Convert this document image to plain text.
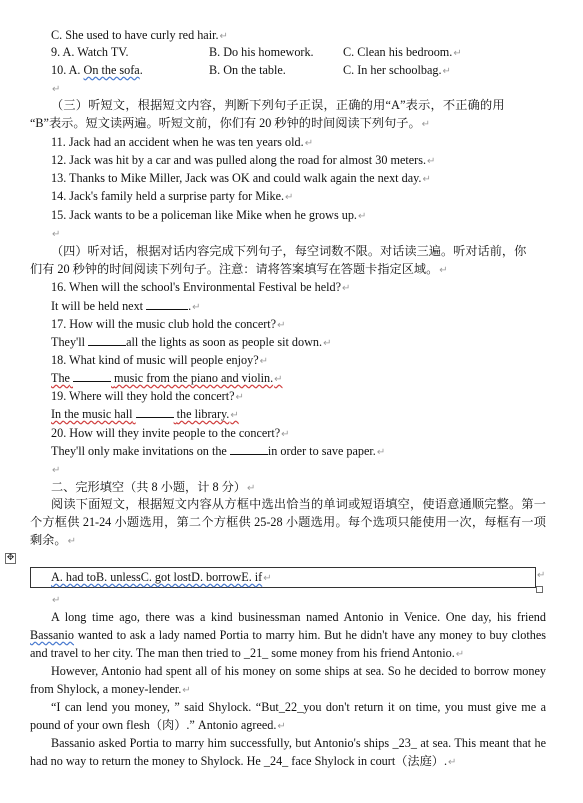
C. She used to have curly red hair.↵
9. A. Watch TV.	B. Do his homework. C. Clean his bedroom.↵
10. A. On the sofa.	B. On the table.	C. In her schoolbag.↵
↵
（三）听短文，根据短文内容，判断下列句子正误，正确的用“A”表示，不正确的用
“B”表示。短文读两遍。听短文前，你们有 20 秒钟的时间阅读下列句子。↵
11. Jack had an accident when he was ten years old.↵
12. Jack was hit by a car and was pulled along the road for almost 30 meters.↵
13. Thanks to Mike Miller, Jack was OK and could walk again the next day.↵
14. Jack's family held a surprise party for Mike.↵
15. Jack wants to be a policeman like Mike when he grows up.↵
↵
（四）听对话，根据对话内容完成下列句子，每空词数不限。对话读三遍。听对话前，你
们有 20 秒钟的时间阅读下列句子。注意：请将答案填写在答题卡指定区域。↵
16. When will the school's Environmental Festival be held?↵
It will be held next	.↵
17. How will the music club hold the concert?↵
They'll	all the lights as soon as people sit down.↵
18. What kind of music will people enjoy?↵
The	music from the piano and violin.↵
19. Where will they hold the concert?↵
In the music hall	the library.↵
20. How will they invite people to the concert?↵
They'll only make invitations on the	in order to save paper.↵
↵
二、完形填空（共 8 小题，计 8 分）↵
阅读下面短文，根据短文内容从方框中选出恰当的单词或短语填空，使语意通顺完整。第一个方框供 21-24 小题选用，第二个方框供 25-28 小题选用。每个选项只能使用一次，每框有一项剩余。↵
✥
A. had toB. unlessC. got lostD. borrowE. if↵	↵
↵
A long time ago, there was a kind businessman named Antonio in Venice. One day, his friend Bassanio wanted to ask a lady named Portia to marry him. But he didn't have any money to buy clothes and travel to her city. The man then tried to _21_ some money from his friend Antonio.↵
However, Antonio had spent all of his money on some ships at sea. So he decided to borrow money from Shylock, a money-lender.↵
“I can lend you money, ” said Shylock. “But_22_you don't return it on time, you must give me a pound of your own flesh（肉）.” Antonio agreed.↵
Bassanio asked Portia to marry him successfully, but Antonio's ships _23_ at sea. This meant that he had no way to return the money to Shylock. He _24_ face Shylock in court（法庭）.↵
